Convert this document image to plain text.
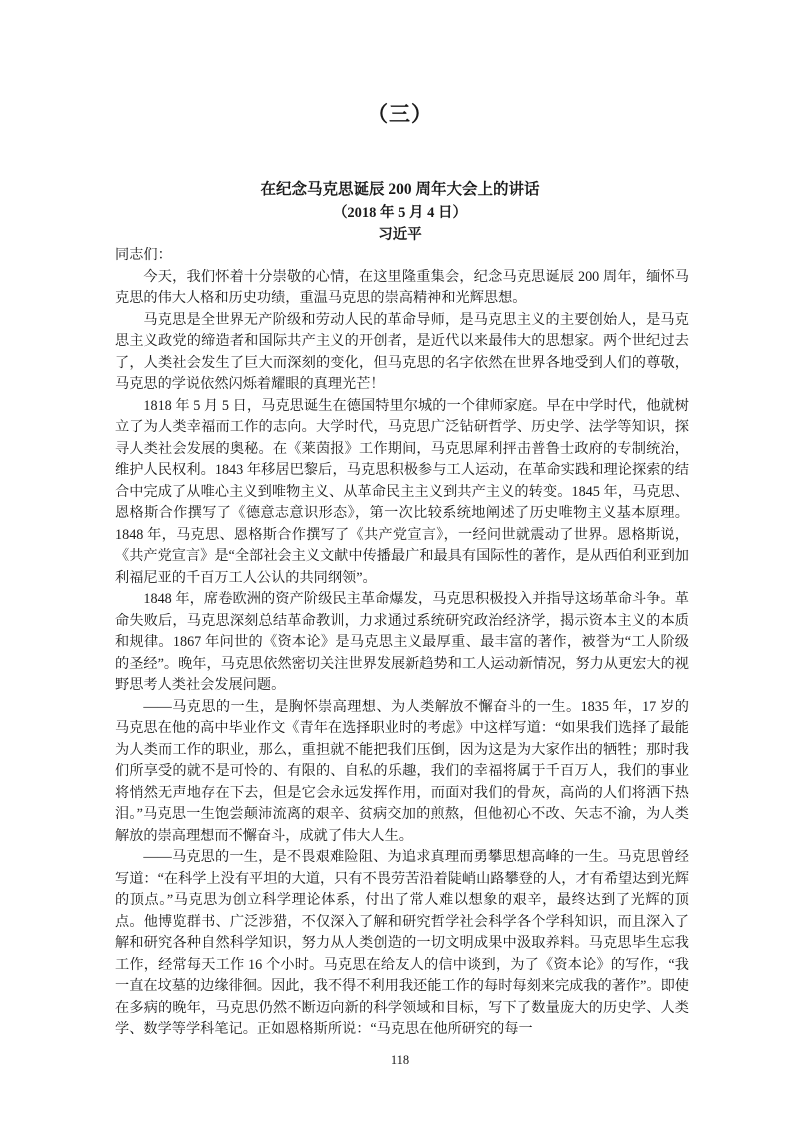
（三）
在纪念马克思诞辰 200 周年大会上的讲话
（2018 年 5 月 4 日）
习近平

同志们：

今天，我们怀着十分崇敬的心情，在这里隆重集会，纪念马克思诞辰 200 周年，缅怀马克思的伟大人格和历史功绩，重温马克思的崇高精神和光辉思想。

马克思是全世界无产阶级和劳动人民的革命导师，是马克思主义的主要创始人，是马克思主义政党的缔造者和国际共产主义的开创者，是近代以来最伟大的思想家。两个世纪过去了，人类社会发生了巨大而深刻的变化，但马克思的名字依然在世界各地受到人们的尊敬，马克思的学说依然闪烁着耀眼的真理光芒！

1818 年 5 月 5 日，马克思诞生在德国特里尔城的一个律师家庭。早在中学时代，他就树立了为人类幸福而工作的志向。大学时代，马克思广泛钻研哲学、历史学、法学等知识，探寻人类社会发展的奥秘。在《莱茵报》工作期间，马克思犀利抨击普鲁士政府的专制统治，维护人民权利。1843 年移居巴黎后，马克思积极参与工人运动，在革命实践和理论探索的结合中完成了从唯心主义到唯物主义、从革命民主主义到共产主义的转变。1845 年，马克思、恩格斯合作撰写了《德意志意识形态》，第一次比较系统地阐述了历史唯物主义基本原理。1848 年，马克思、恩格斯合作撰写了《共产党宣言》，一经问世就震动了世界。恩格斯说，《共产党宣言》是“全部社会主义文献中传播最广和最具有国际性的著作，是从西伯利亚到加利福尼亚的千百万工人公认的共同纲领”。

1848 年，席卷欧洲的资产阶级民主革命爆发，马克思积极投入并指导这场革命斗争。革命失败后，马克思深刻总结革命教训，力求通过系统研究政治经济学，揭示资本主义的本质和规律。1867 年问世的《资本论》是马克思主义最厚重、最丰富的著作，被誉为“工人阶级的圣经”。晚年，马克思依然密切关注世界发展新趋势和工人运动新情况，努力从更宏大的视野思考人类社会发展问题。

——马克思的一生，是胸怀崇高理想、为人类解放不懈奋斗的一生。1835 年，17 岁的马克思在他的高中毕业作文《青年在选择职业时的考虑》中这样写道：“如果我们选择了最能为人类而工作的职业，那么，重担就不能把我们压倒，因为这是为大家作出的牺牲；那时我们所享受的就不是可怜的、有限的、自私的乐趣，我们的幸福将属于千百万人，我们的事业将悄然无声地存在下去，但是它会永远发挥作用，而面对我们的骨灰，高尚的人们将洒下热泪。”马克思一生饱尝颠沛流离的艰辛、贫病交加的煎熬，但他初心不改、矢志不渝，为人类解放的崇高理想而不懈奋斗，成就了伟大人生。

——马克思的一生，是不畏艰难险阻、为追求真理而勇攀思想高峰的一生。马克思曾经写道：“在科学上没有平坦的大道，只有不畏劳苦沿着陡峭山路攀登的人，才有希望达到光辉的顶点。”马克思为创立科学理论体系，付出了常人难以想象的艰辛，最终达到了光辉的顶点。他博览群书、广泛涉猎，不仅深入了解和研究哲学社会科学各个学科知识，而且深入了解和研究各种自然科学知识，努力从人类创造的一切文明成果中汲取养料。马克思毕生忘我工作，经常每天工作 16 个小时。马克思在给友人的信中谈到，为了《资本论》的写作，“我一直在坟墓的边缘徘徊。因此，我不得不利用我还能工作的每时每刻来完成我的著作”。即使在多病的晚年，马克思仍然不断迈向新的科学领域和目标，写下了数量庞大的历史学、人类学、数学等学科笔记。正如恩格斯所说：“马克思在他所研究的每一

118
